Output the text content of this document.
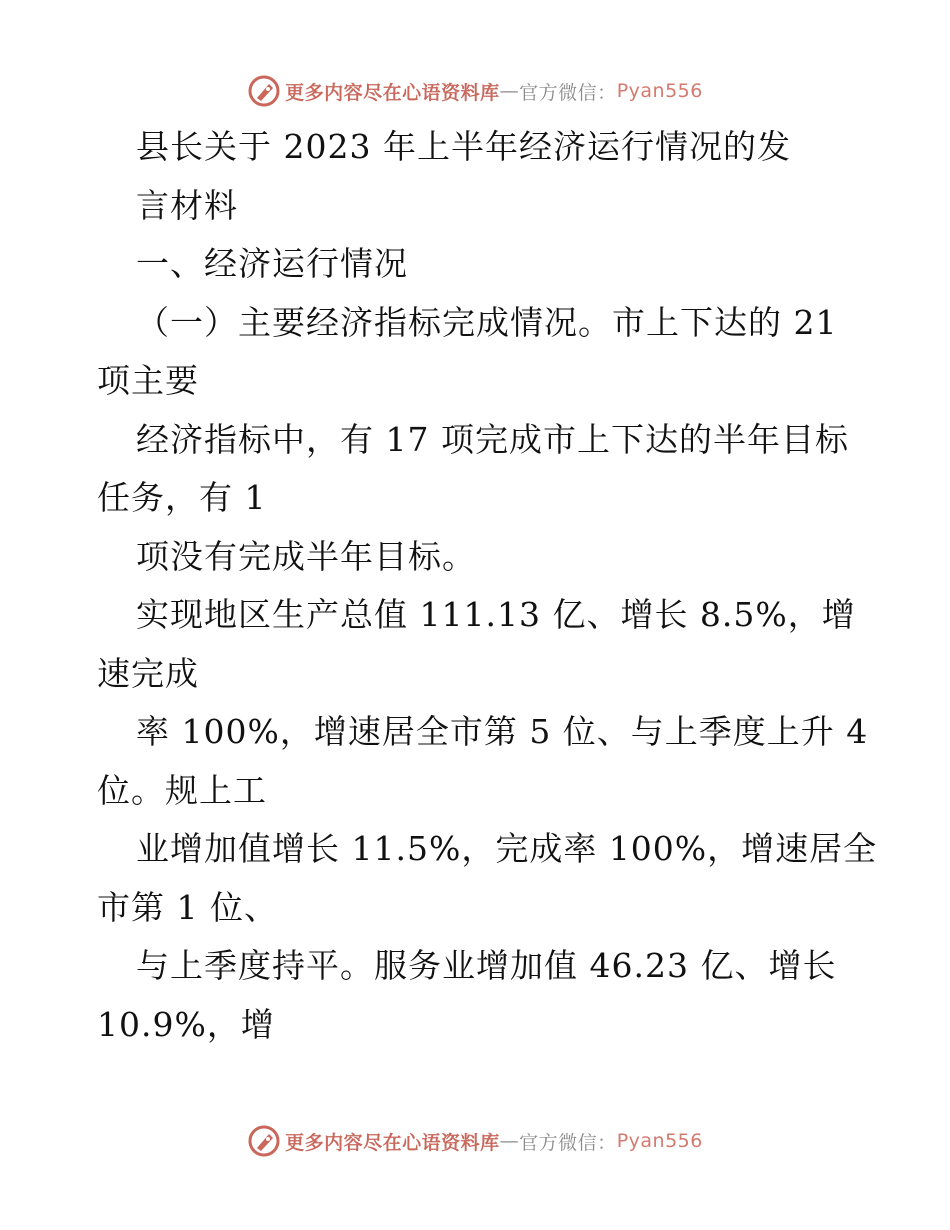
更多内容尽在心语资料库 — 官方微信： Pyan556

县长关于 2023 年上半年经济运行情况的发

言材料

一、经济运行情况

（一）主要经济指标完成情况。市上下达的 21

项主要

经济指标中，有 17 项完成市上下达的半年目标

任务，有 1

项没有完成半年目标。

实现地区生产总值 111.13 亿、增长 8.5%，增

速完成

率 100%，增速居全市第 5 位、与上季度上升 4

位。规上工

业增加值增长 11.5%，完成率 100%，增速居全

市第 1 位、

与上季度持平。服务业增加值 46.23 亿、增长

10.9%，增

更多内容尽在心语资料库 — 官方微信： Pyan556
